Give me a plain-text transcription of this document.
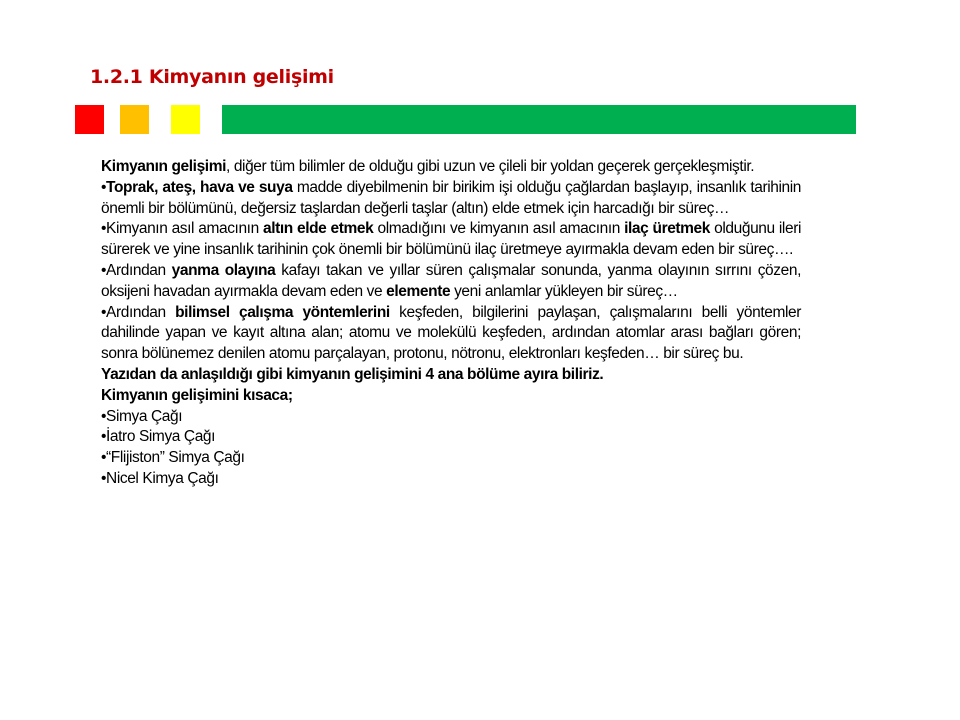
1.2.1 Kimyanın gelişimi

Kimyanın gelişimi, diğer tüm bilimler de olduğu gibi uzun ve çileli bir yoldan geçerek gerçekleşmiştir.

•Toprak, ateş, hava ve suya madde diyebilmenin bir birikim işi olduğu çağlardan başlayıp, insanlık tarihinin önemli bir bölümünü, değersiz taşlardan değerli taşlar (altın) elde etmek için harcadığı bir süreç…

•Kimyanın asıl amacının altın elde etmek olmadığını ve kimyanın asıl amacının ilaç üretmek olduğunu ileri sürerek ve yine insanlık tarihinin çok önemli bir bölümünü ilaç üretmeye ayırmakla devam eden bir süreç….

•Ardından yanma olayına kafayı takan ve yıllar süren çalışmalar sonunda, yanma olayının sırrını çözen, oksijeni havadan ayırmakla devam eden ve elemente yeni anlamlar yükleyen bir süreç…

•Ardından bilimsel çalışma yöntemlerini keşfeden, bilgilerini paylaşan, çalışmalarını belli yöntemler dahilinde yapan ve kayıt altına alan; atomu ve molekülü keşfeden, ardından atomlar arası bağları gören; sonra bölünemez denilen atomu parçalayan, protonu, nötronu, elektronları keşfeden… bir süreç bu.

Yazıdan da anlaşıldığı gibi kimyanın gelişimini 4 ana bölüme ayıra biliriz.

Kimyanın gelişimini kısaca;

•Simya Çağı

•İatro Simya Çağı

•“Flijiston” Simya Çağı

•Nicel Kimya Çağı
